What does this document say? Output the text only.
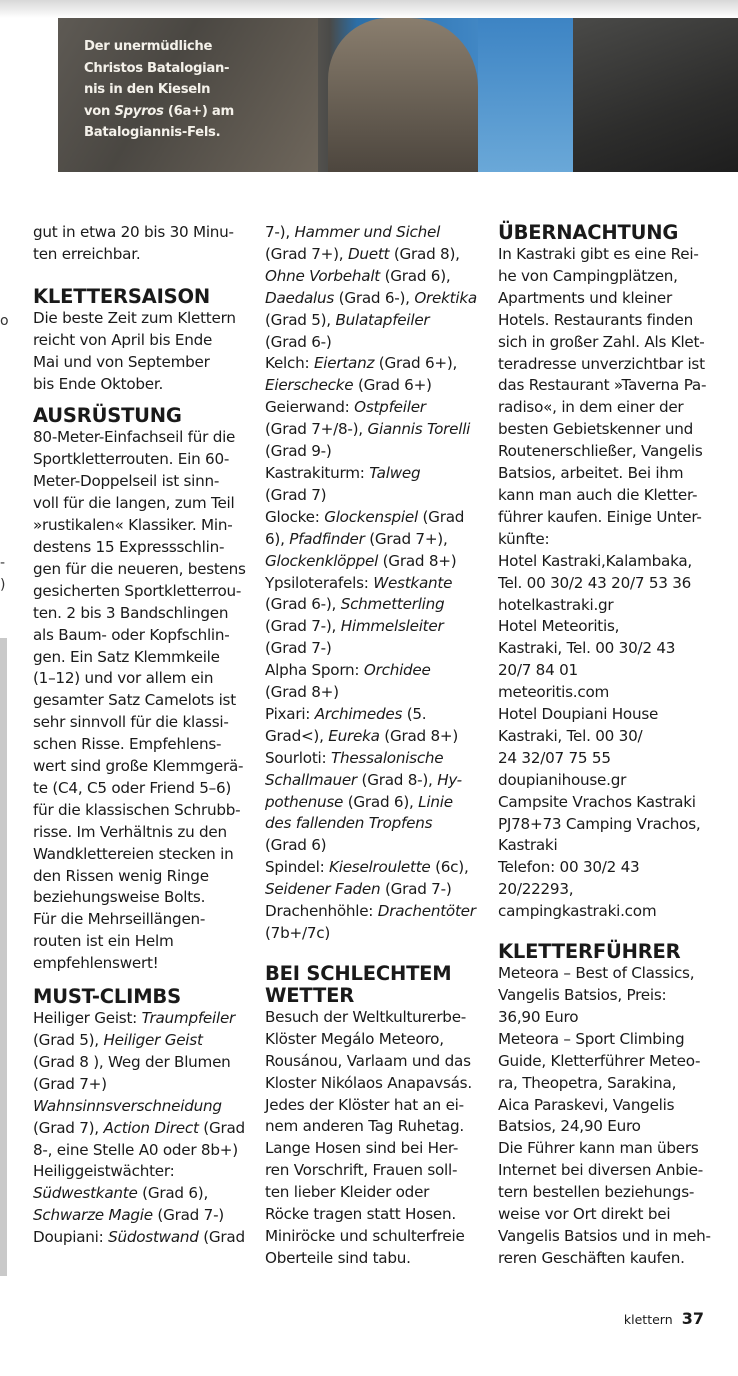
Der unermüdliche
Christos Batalogian-
nis in den Kieseln
von Spyros (6a+) am
Batalogiannis-Fels.
o
-
)
gut in etwa 20 bis 30 Minu-
ten erreichbar.
KLETTERSAISON
Die beste Zeit zum Klettern
reicht von April bis Ende
Mai und von September
bis Ende Oktober.
AUSRÜSTUNG
80-Meter-Einfachseil für die
Sportkletterrouten. Ein 60-
Meter-Doppelseil ist sinn-
voll für die langen, zum Teil
»rustikalen« Klassiker. Min-
destens 15 Expressschlin-
gen für die neueren, bestens
gesicherten Sportkletterrou-
ten. 2 bis 3 Bandschlingen
als Baum- oder Kopfschlin-
gen. Ein Satz Klemmkeile
(1–12) und vor allem ein
gesamter Satz Camelots ist
sehr sinnvoll für die klassi-
schen Risse. Empfehlens-
wert sind große Klemmgerä-
te (C4, C5 oder Friend 5–6)
für die klassischen Schrubb-
risse. Im Verhältnis zu den
Wandklettereien stecken in
den Rissen wenig Ringe
beziehungsweise Bolts.
Für die Mehrseillängen-
routen ist ein Helm
empfehlenswert!
MUST-CLIMBS
Heiliger Geist: Traumpfeiler
(Grad 5), Heiliger Geist
(Grad 8 ), Weg der Blumen
(Grad 7+)
Wahnsinnsverschneidung
(Grad 7), Action Direct (Grad
8-, eine Stelle A0 oder 8b+)
Heiliggeistwächter:
Südwestkante (Grad 6),
Schwarze Magie (Grad 7-)
Doupiani: Südostwand (Grad
7-), Hammer und Sichel
(Grad 7+), Duett (Grad 8),
Ohne Vorbehalt (Grad 6),
Daedalus (Grad 6-), Orektika
(Grad 5), Bulatapfeiler
(Grad 6-)
Kelch: Eiertanz (Grad 6+),
Eierschecke (Grad 6+)
Geierwand: Ostpfeiler
(Grad 7+/8-), Giannis Torelli
(Grad 9-)
Kastrakiturm: Talweg
(Grad 7)
Glocke: Glockenspiel (Grad
6), Pfadfinder (Grad 7+),
Glockenklöppel (Grad 8+)
Ypsiloterafels: Westkante
(Grad 6-), Schmetterling
(Grad 7-), Himmelsleiter
(Grad 7-)
Alpha Sporn: Orchidee
(Grad 8+)
Pixari: Archimedes (5.
Grad<), Eureka (Grad 8+)
Sourloti: Thessalonische
Schallmauer (Grad 8-), Hy-
pothenuse (Grad 6), Linie
des fallenden Tropfens
(Grad 6)
Spindel: Kieselroulette (6c),
Seidener Faden (Grad 7-)
Drachenhöhle: Drachentöter
(7b+/7c)
BEI SCHLECHTEM
WETTER
Besuch der Weltkulturerbe-
Klöster Megálo Meteoro,
Rousánou, Varlaam und das
Kloster Nikólaos Anapavsás.
Jedes der Klöster hat an ei-
nem anderen Tag Ruhetag.
Lange Hosen sind bei Her-
ren Vorschrift, Frauen soll-
ten lieber Kleider oder
Röcke tragen statt Hosen.
Miniröcke und schulterfreie
Oberteile sind tabu.
ÜBERNACHTUNG
In Kastraki gibt es eine Rei-
he von Campingplätzen,
Apartments und kleiner
Hotels. Restaurants finden
sich in großer Zahl. Als Klet-
teradresse unverzichtbar ist
das Restaurant »Taverna Pa-
radiso«, in dem einer der
besten Gebietskenner und
Routenerschließer, Vangelis
Batsios, arbeitet. Bei ihm
kann man auch die Kletter-
führer kaufen. Einige Unter-
künfte:
Hotel Kastraki,Kalambaka,
Tel. 00 30/2 43 20/7 53 36
hotelkastraki.gr
Hotel Meteoritis,
Kastraki, Tel. 00 30/2 43
20/7 84 01
meteoritis.com
Hotel Doupiani House
Kastraki, Tel. 00 30/
24 32/07 75 55
doupianihouse.gr
Campsite Vrachos Kastraki
PJ78+73 Camping Vrachos,
Kastraki
Telefon: 00 30/2 43
20/22293,
campingkastraki.com
KLETTERFÜHRER
Meteora – Best of Classics,
Vangelis Batsios, Preis:
36,90 Euro
Meteora – Sport Climbing
Guide, Kletterführer Meteo-
ra, Theopetra, Sarakina,
Aica Paraskevi, Vangelis
Batsios, 24,90 Euro
Die Führer kann man übers
Internet bei diversen Anbie-
tern bestellen beziehungs-
weise vor Ort direkt bei
Vangelis Batsios und in meh-
reren Geschäften kaufen.
klettern 37
